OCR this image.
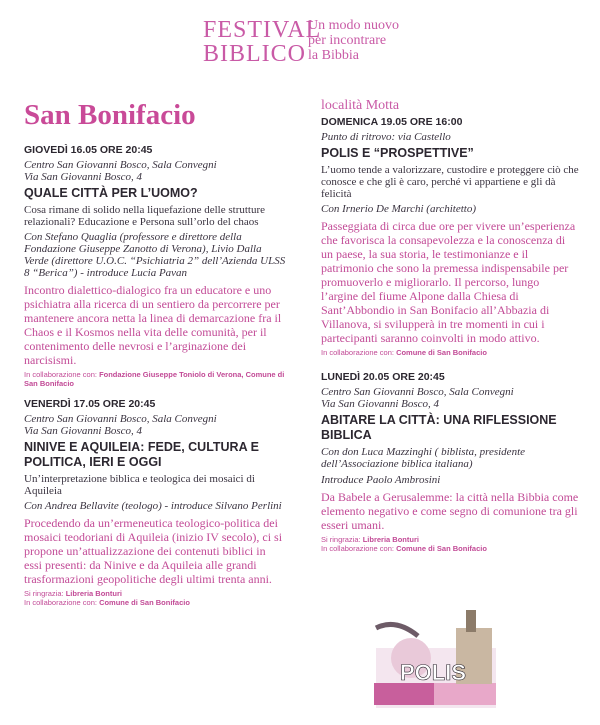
FESTIVAL
BIBLICO
Un modo nuovo
per incontrare
la Bibbia
San Bonifacio

GIOVEDÌ 16.05 ORE 20:45

Centro San Giovanni Bosco, Sala Convegni
Via San Giovanni Bosco, 4

QUALE CITTÀ PER L’UOMO?

Cosa rimane di solido nella liquefazione delle strutture relazionali? Educazione e Persona sull’orlo del chaos

Con Stefano Quaglia (professore e direttore della Fondazione Giuseppe Zanotto di Verona), Livio Dalla Verde (direttore U.O.C. “Psichiatria 2” dell’Azienda ULSS 8 “Berica”) - introduce Lucia Pavan

Incontro dialettico-dialogico fra un educatore e uno psichiatra alla ricerca di un sentiero da percorrere per mantenere ancora netta la linea di demarcazione fra il Chaos e il Kosmos nella vita delle comunità, per il contenimento delle nevrosi e l’arginazione dei narcisismi.

In collaborazione con: Fondazione Giuseppe Toniolo di Verona, Comune di San Bonifacio

VENERDÌ 17.05 ORE 20:45

Centro San Giovanni Bosco, Sala Convegni
Via San Giovanni Bosco, 4

NINIVE E AQUILEIA: FEDE, CULTURA E POLITICA, IERI E OGGI

Un’interpretazione biblica e teologica dei mosaici di Aquileia

Con Andrea Bellavite (teologo) - introduce Silvano Perlini

Procedendo da un’ermeneutica teologico-politica dei mosaici teodoriani di Aquileia (inizio IV secolo), ci si propone un’attualizzazione dei contenuti biblici in essi presenti: da Ninive e da Aquileia alle grandi trasformazioni geopolitiche degli ultimi trenta anni.

Si ringrazia: Libreria Bonturi

In collaborazione con: Comune di San Bonifacio

località Motta

DOMENICA 19.05 ORE 16:00

Punto di ritrovo: via Castello

POLIS E “PROSPETTIVE”

L’uomo tende a valorizzare, custodire e proteggere ciò che conosce e che gli è caro, perché vi appartiene e gli dà felicità

Con Irnerio De Marchi (architetto)

Passeggiata di circa due ore per vivere un’esperienza che favorisca la consapevolezza e la conoscenza di un paese, la sua storia, le testimonianze e il patrimonio che sono la premessa indispensabile per promuoverlo e migliorarlo. Il percorso, lungo l’argine del fiume Alpone dalla Chiesa di Sant’Abbondio in San Bonifacio all’Abbazia di Villanova, si svilupperà in tre momenti in cui i partecipanti saranno coinvolti in modo attivo.

In collaborazione con: Comune di San Bonifacio

LUNEDÌ 20.05 ORE 20:45

Centro San Giovanni Bosco, Sala Convegni
Via San Giovanni Bosco, 4

ABITARE LA CITTÀ: UNA RIFLESSIONE BIBLICA

Con don Luca Mazzinghi ( biblista, presidente dell’Associazione biblica italiana)

Introduce Paolo Ambrosini

Da Babele a Gerusalemme: la città nella Bibbia come elemento negativo e come segno di comunione tra gli esseri umani.

Si ringrazia: Libreria Bonturi

In collaborazione con: Comune di San Bonifacio

POLIS
